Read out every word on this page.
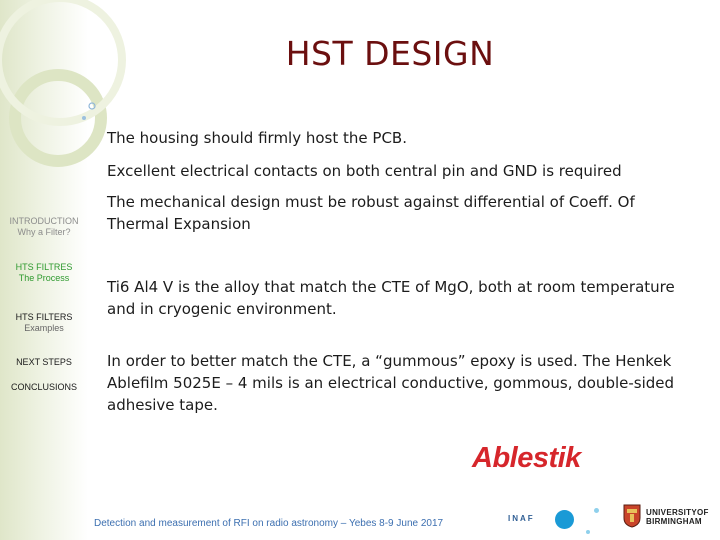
INTRODUCTION
Why a Filter?
HTS FILTRES
The Process
HTS FILTERS
Examples
NEXT STEPS
CONCLUSIONS
HST DESIGN

The housing should firmly host the PCB.

Excellent electrical contacts on both central pin and GND is required

The mechanical design must be robust against differential of Coeff. Of Thermal Expansion

Ti6 Al4 V is the alloy that match the CTE of MgO, both at room temperature and in cryogenic environment.

In order to better match the CTE, a “gummous” epoxy is used. The Henkek Ablefilm 5025E – 4 mils is an electrical conductive, gommous, double-sided adhesive tape.

Ablestik
Detection and measurement of RFI on radio astronomy – Yebes 8-9 June 2017	INAF
UNIVERSITYOF
BIRMINGHAM
